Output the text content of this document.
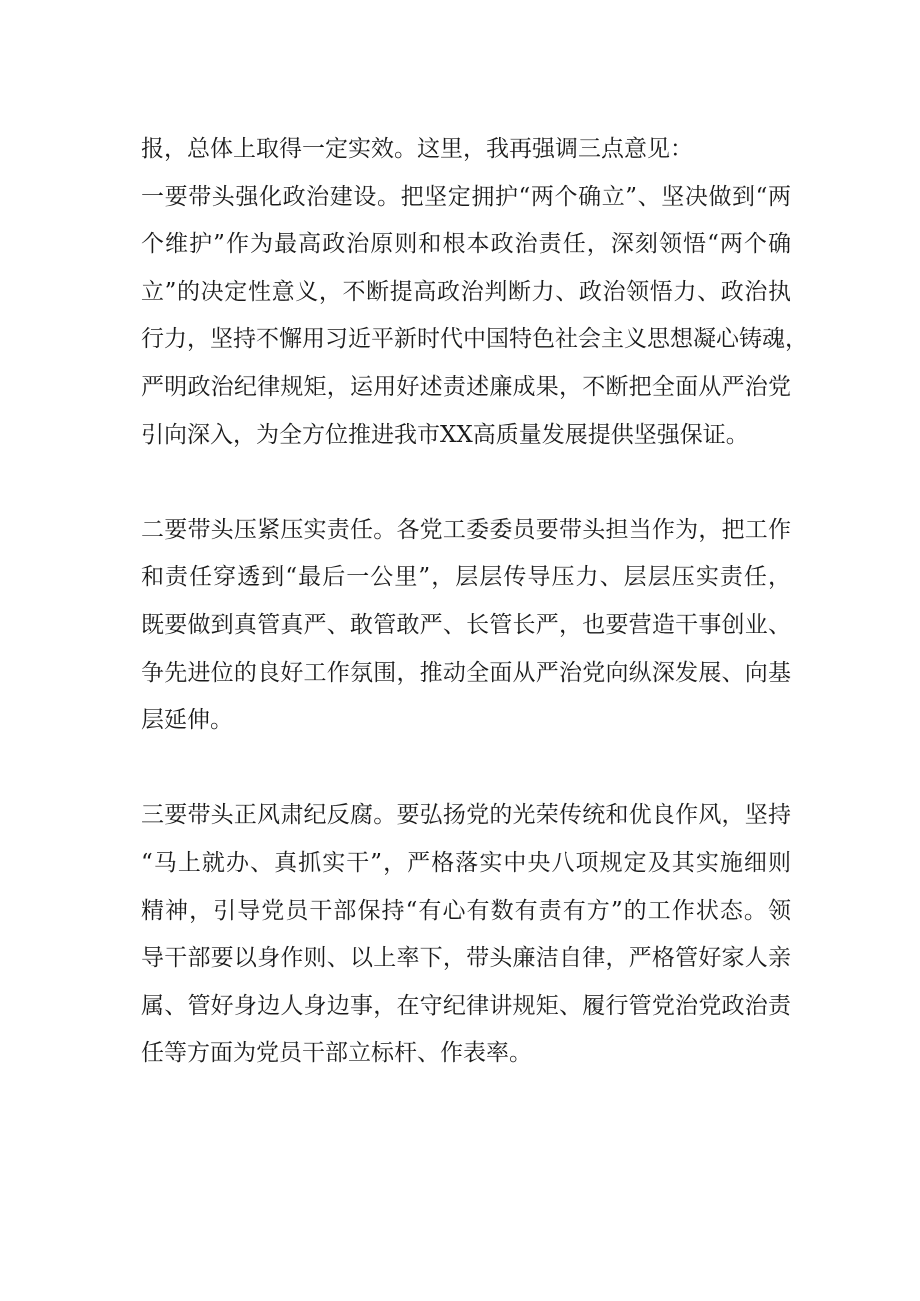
报，总体上取得一定实效。这里，我再强调三点意见：
一要带头强化政治建设。把坚定拥护“两个确立”、坚决做到“两
个维护”作为最高政治原则和根本政治责任，深刻领悟“两个确
立”的决定性意义，不断提高政治判断力、政治领悟力、政治执
行力，坚持不懈用习近平新时代中国特色社会主义思想凝心铸魂，
严明政治纪律规矩，运用好述责述廉成果，不断把全面从严治党
引向深入，为全方位推进我市XX高质量发展提供坚强保证。
二要带头压紧压实责任。各党工委委员要带头担当作为，把工作
和责任穿透到“最后一公里”，层层传导压力、层层压实责任，
既要做到真管真严、敢管敢严、长管长严，也要营造干事创业、
争先进位的良好工作氛围，推动全面从严治党向纵深发展、向基
层延伸。
三要带头正风肃纪反腐。要弘扬党的光荣传统和优良作风，坚持
“马上就办、真抓实干”，严格落实中央八项规定及其实施细则
精神，引导党员干部保持“有心有数有责有方”的工作状态。领
导干部要以身作则、以上率下，带头廉洁自律，严格管好家人亲
属、管好身边人身边事，在守纪律讲规矩、履行管党治党政治责
任等方面为党员干部立标杆、作表率。
